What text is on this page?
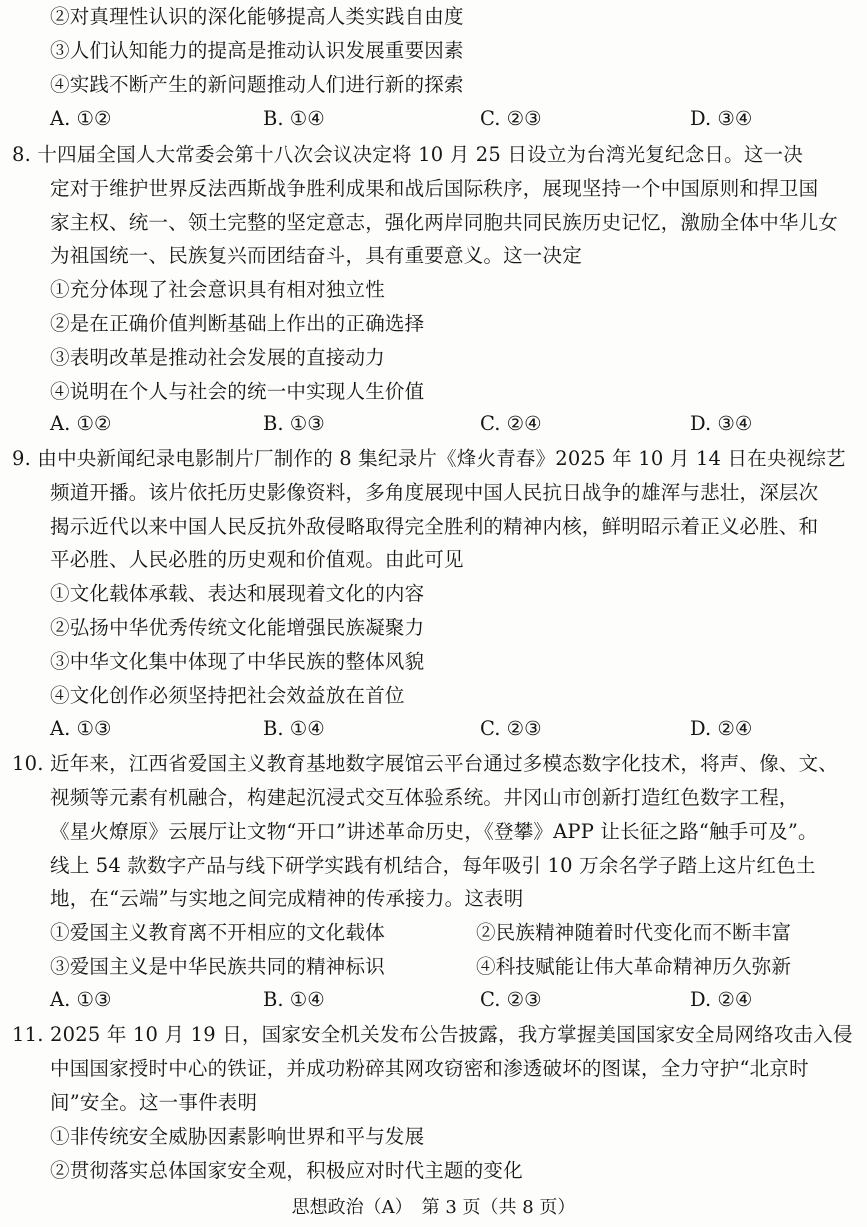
②对真理性认识的深化能够提高人类实践自由度
③人们认知能力的提高是推动认识发展重要因素
④实践不断产生的新问题推动人们进行新的探索
A. ①②	B. ①④	C. ②③	D. ③④
8. 十四届全国人大常委会第十八次会议决定将 10 月 25 日设立为台湾光复纪念日。这一决
定对于维护世界反法西斯战争胜利成果和战后国际秩序，展现坚持一个中国原则和捍卫国
家主权、统一、领土完整的坚定意志，强化两岸同胞共同民族历史记忆，激励全体中华儿女
为祖国统一、民族复兴而团结奋斗，具有重要意义。这一决定
①充分体现了社会意识具有相对独立性
②是在正确价值判断基础上作出的正确选择
③表明改革是推动社会发展的直接动力
④说明在个人与社会的统一中实现人生价值
A. ①②	B. ①③	C. ②④	D. ③④
9. 由中央新闻纪录电影制片厂制作的 8 集纪录片《烽火青春》2025 年 10 月 14 日在央视综艺
频道开播。该片依托历史影像资料，多角度展现中国人民抗日战争的雄浑与悲壮，深层次
揭示近代以来中国人民反抗外敌侵略取得完全胜利的精神内核，鲜明昭示着正义必胜、和
平必胜、人民必胜的历史观和价值观。由此可见
①文化载体承载、表达和展现着文化的内容
②弘扬中华优秀传统文化能增强民族凝聚力
③中华文化集中体现了中华民族的整体风貌
④文化创作必须坚持把社会效益放在首位
A. ①③	B. ①④	C. ②③	D. ②④
10. 近年来，江西省爱国主义教育基地数字展馆云平台通过多模态数字化技术，将声、像、文、
视频等元素有机融合，构建起沉浸式交互体验系统。井冈山市创新打造红色数字工程，
《星火燎原》云展厅让文物“开口”讲述革命历史，《登攀》APP 让长征之路“触手可及”。
线上 54 款数字产品与线下研学实践有机结合，每年吸引 10 万余名学子踏上这片红色土
地，在“云端”与实地之间完成精神的传承接力。这表明
①爱国主义教育离不开相应的文化载体	②民族精神随着时代变化而不断丰富
③爱国主义是中华民族共同的精神标识	④科技赋能让伟大革命精神历久弥新
A. ①③	B. ①④	C. ②③	D. ②④
11. 2025 年 10 月 19 日，国家安全机关发布公告披露，我方掌握美国国家安全局网络攻击入侵
中国国家授时中心的铁证，并成功粉碎其网攻窃密和渗透破坏的图谋，全力守护“北京时
间”安全。这一事件表明
①非传统安全威胁因素影响世界和平与发展
②贯彻落实总体国家安全观，积极应对时代主题的变化
思想政治（A）　第 3 页（共 8 页）
